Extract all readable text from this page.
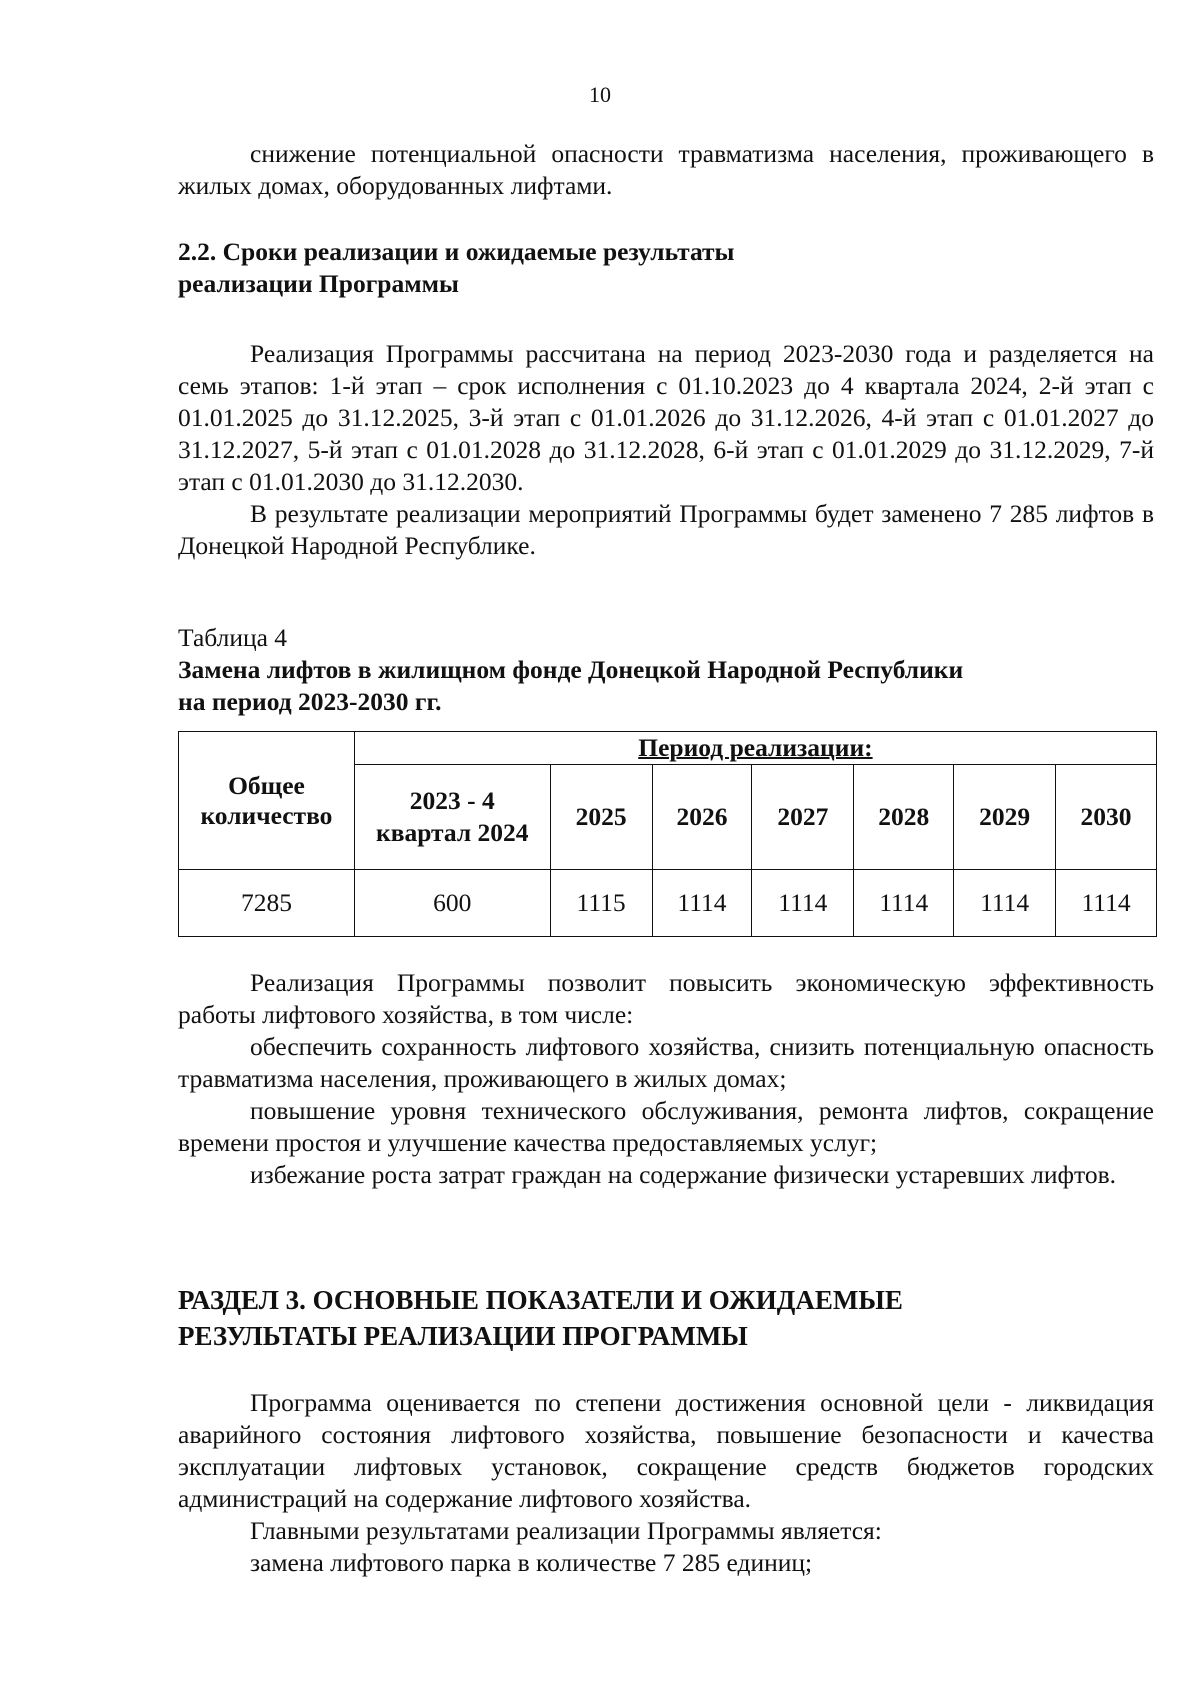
10

снижение потенциальной опасности травматизма населения, проживающего в жилых домах, оборудованных лифтами.

2.2. Сроки реализации и ожидаемые результаты

реализации Программы

Реализация Программы рассчитана на период 2023-2030 года и разделяется на семь этапов: 1-й этап – срок исполнения с 01.10.2023 до 4 квартала 2024, 2-й этап с 01.01.2025 до 31.12.2025, 3-й этап с 01.01.2026 до 31.12.2026, 4-й этап с 01.01.2027 до 31.12.2027, 5-й этап с 01.01.2028 до 31.12.2028, 6-й этап с 01.01.2029 до 31.12.2029, 7-й этап с 01.01.2030 до 31.12.2030.

В результате реализации мероприятий Программы будет заменено 7 285 лифтов в Донецкой Народной Республике.

Таблица 4

Замена лифтов в жилищном фонде Донецкой Народной Республики

на период 2023-2030 гг.

Общее
количество	Период реализации:						

	2023 - 4
квартал 2024	2025	2026	2027	2028	2029	2030
7285	600	1115	1114	1114	1114	1114	1114

Реализация Программы позволит повысить экономическую эффективность работы лифтового хозяйства, в том числе:

обеспечить сохранность лифтового хозяйства, снизить потенциальную опасность травматизма населения, проживающего в жилых домах;

повышение уровня технического обслуживания, ремонта лифтов, сокращение времени простоя и улучшение качества предоставляемых услуг;

избежание роста затрат граждан на содержание физически устаревших лифтов.

РАЗДЕЛ 3. ОСНОВНЫЕ ПОКАЗАТЕЛИ И ОЖИДАЕМЫЕ

РЕЗУЛЬТАТЫ РЕАЛИЗАЦИИ ПРОГРАММЫ

Программа оценивается по степени достижения основной цели - ликвидация аварийного состояния лифтового хозяйства, повышение безопасности и качества эксплуатации лифтовых установок, сокращение средств бюджетов городских администраций на содержание лифтового хозяйства.

Главными результатами реализации Программы является:

замена лифтового парка в количестве 7 285 единиц;
